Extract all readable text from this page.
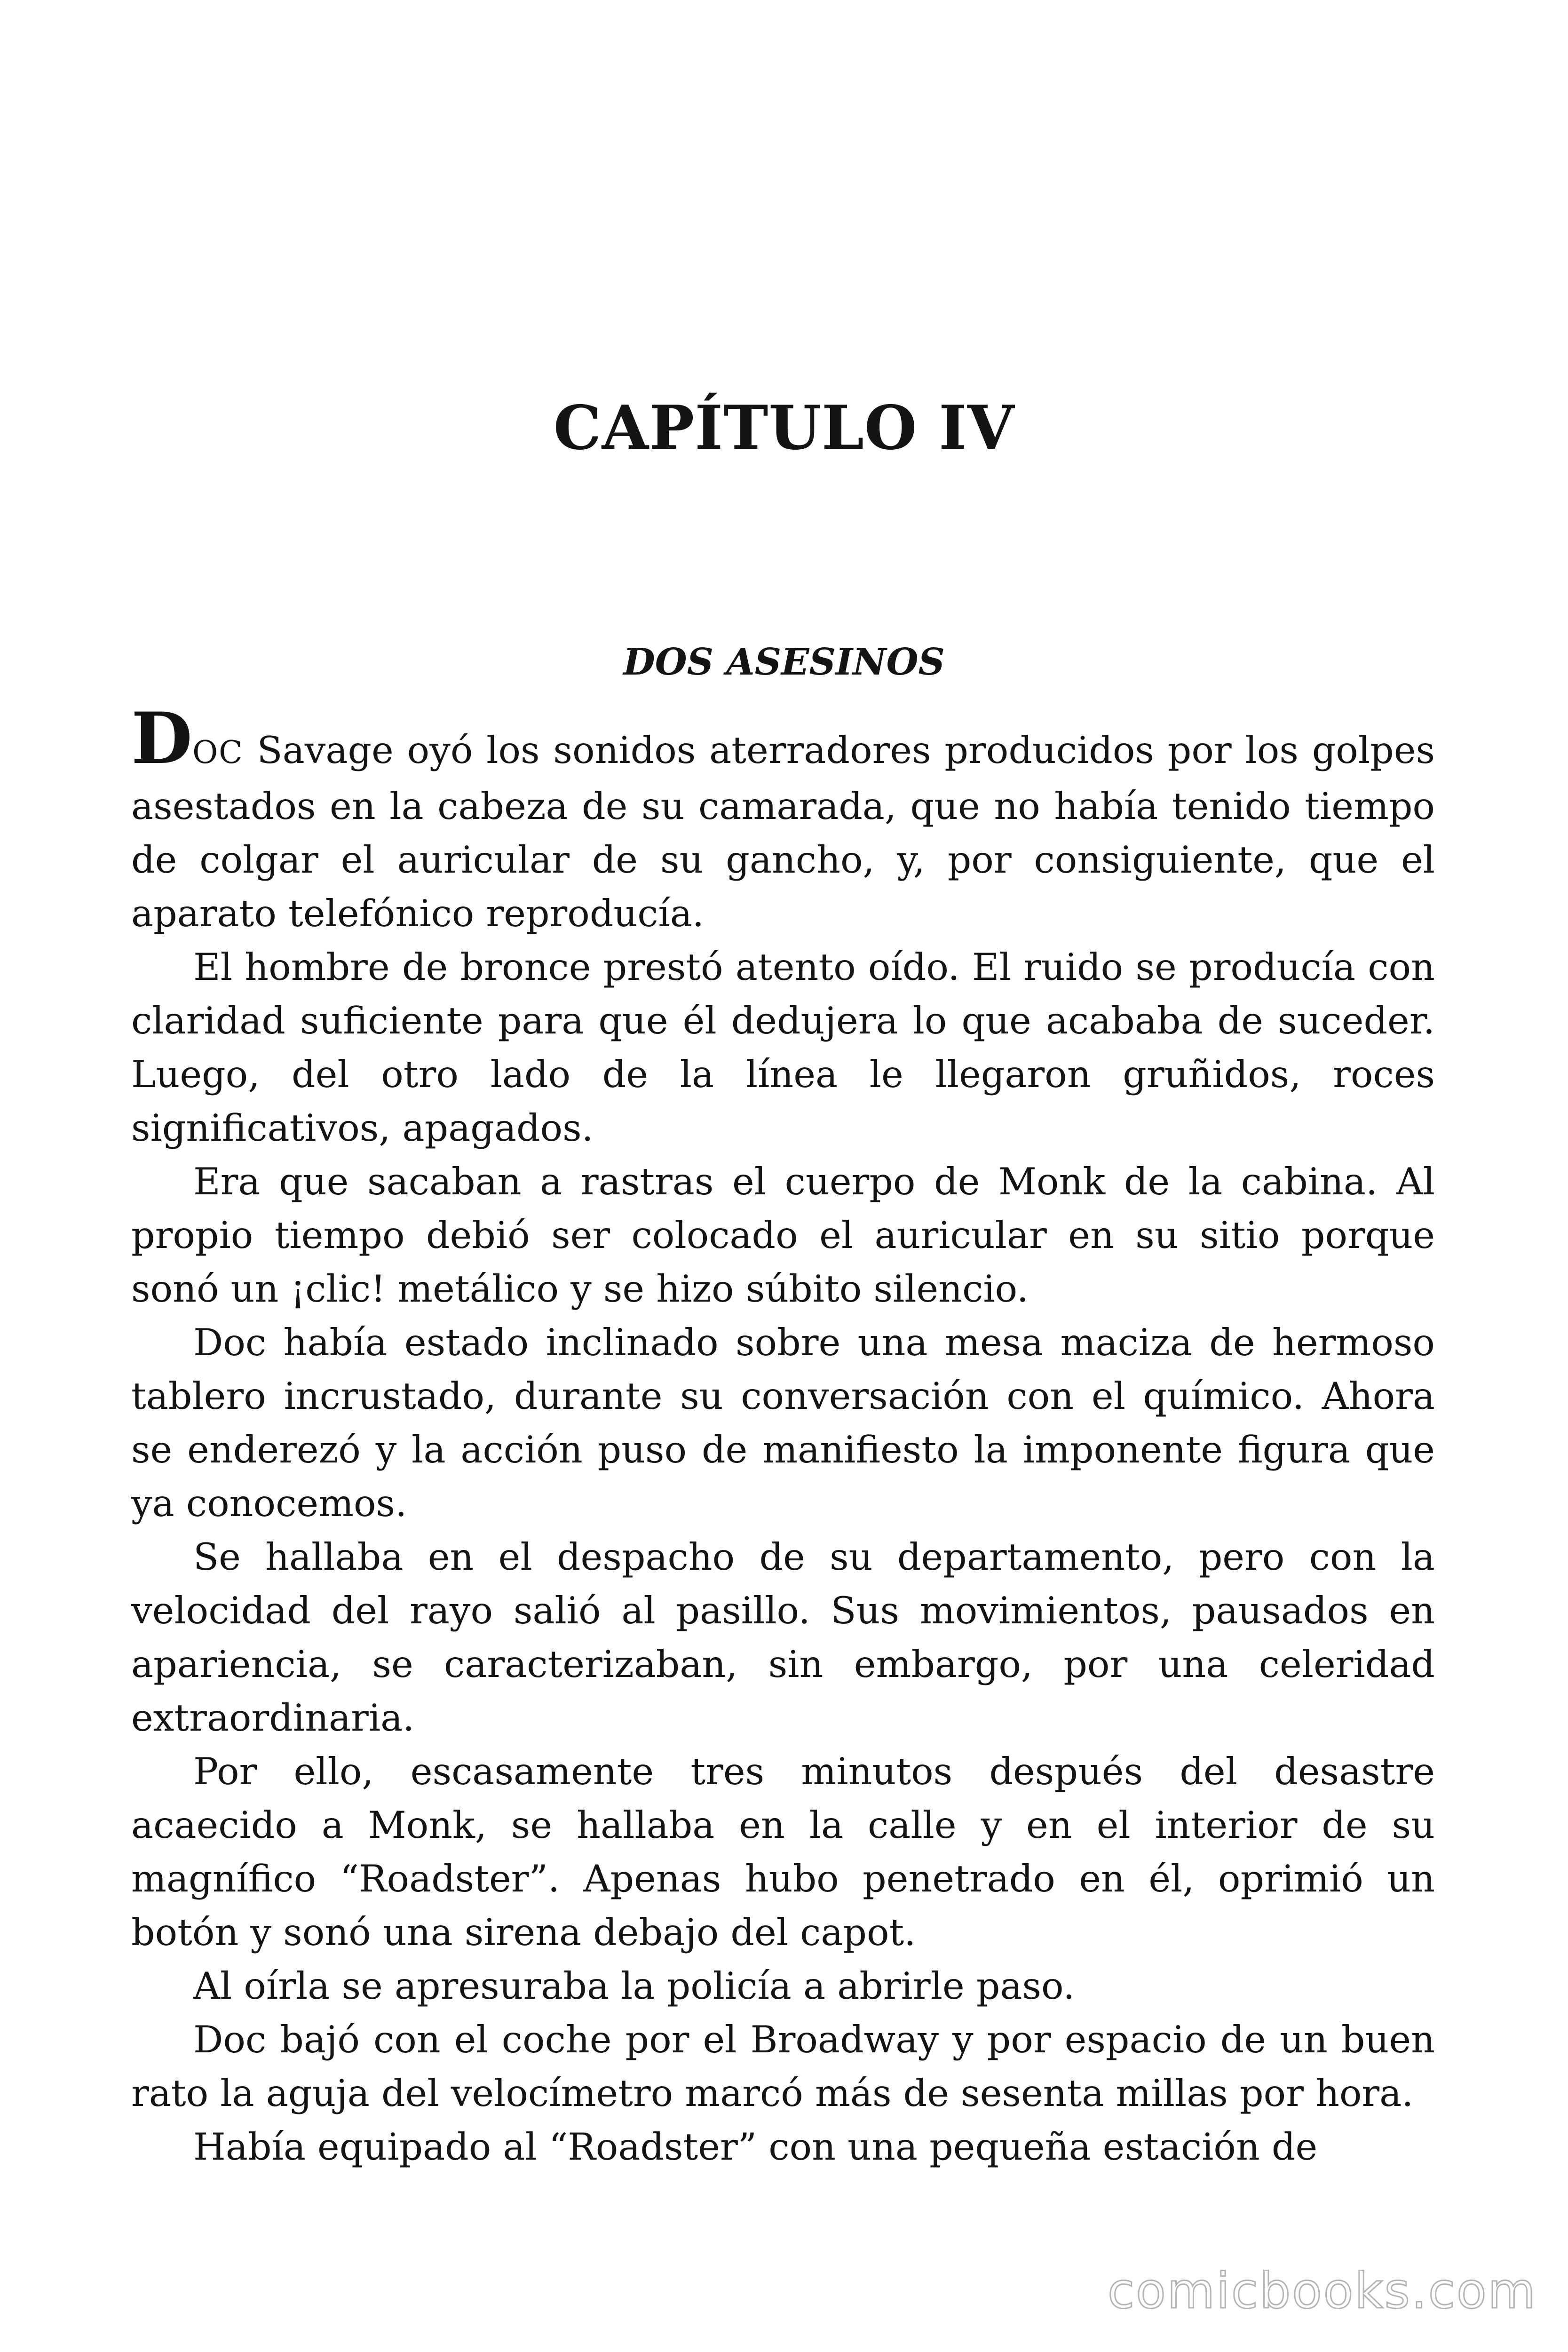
CAPÍTULO IV
DOS ASESINOS

DOC Savage oyó los sonidos aterradores producidos por los golpes asestados en la cabeza de su camarada, que no había tenido tiempo de colgar el auricular de su gancho, y, por consiguiente, que el aparato telefónico reproducía.

El hombre de bronce prestó atento oído. El ruido se producía con claridad suficiente para que él dedujera lo que acababa de suceder. Luego, del otro lado de la línea le llegaron gruñidos, roces significativos, apagados.

Era que sacaban a rastras el cuerpo de Monk de la cabina. Al propio tiempo debió ser colocado el auricular en su sitio porque sonó un ¡clic! metálico y se hizo súbito silencio.

Doc había estado inclinado sobre una mesa maciza de hermoso tablero incrustado, durante su conversación con el químico. Ahora se enderezó y la acción puso de manifiesto la imponente figura que ya conocemos.

Se hallaba en el despacho de su departamento, pero con la velocidad del rayo salió al pasillo. Sus movimientos, pausados en apariencia, se caracterizaban, sin embargo, por una celeridad extraordinaria.

Por ello, escasamente tres minutos después del desastre acaecido a Monk, se hallaba en la calle y en el interior de su magnífico “Roadster”. Apenas hubo penetrado en él, oprimió un botón y sonó una sirena debajo del capot.

Al oírla se apresuraba la policía a abrirle paso.

Doc bajó con el coche por el Broadway y por espacio de un buen rato la aguja del velocímetro marcó más de sesenta millas por hora.

Había equipado al “Roadster” con una pequeña estación de

comicbooks.com
